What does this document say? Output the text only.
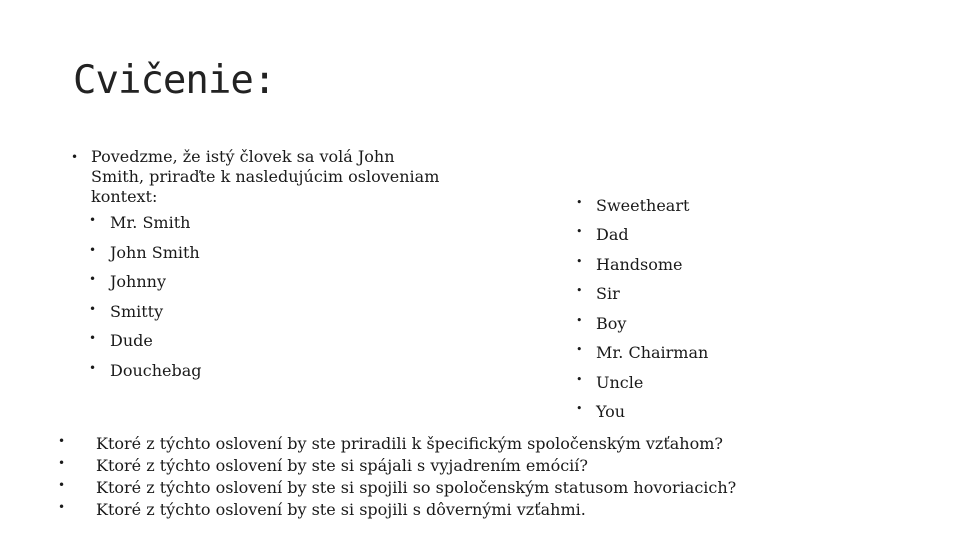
Cvičenie:
• Povedzme, že istý človek sa volá John Smith, priraďte k nasledujúcim osloveniam kontext:
• Mr. Smith
• John Smith
• Johnny
• Smitty
• Dude
• Douchebag
• Sweetheart
• Dad
• Handsome
• Sir
• Boy
• Mr. Chairman
• Uncle
• You
• Ktoré z týchto oslovení by ste priradili k špecifickým spoločenským vzťahom?
• Ktoré z týchto oslovení by ste si spájali s vyjadrením emócií?
• Ktoré z týchto oslovení by ste si spojili so spoločenským statusom hovoriacich?
• Ktoré z týchto oslovení by ste si spojili s dôvernými vzťahmi.
